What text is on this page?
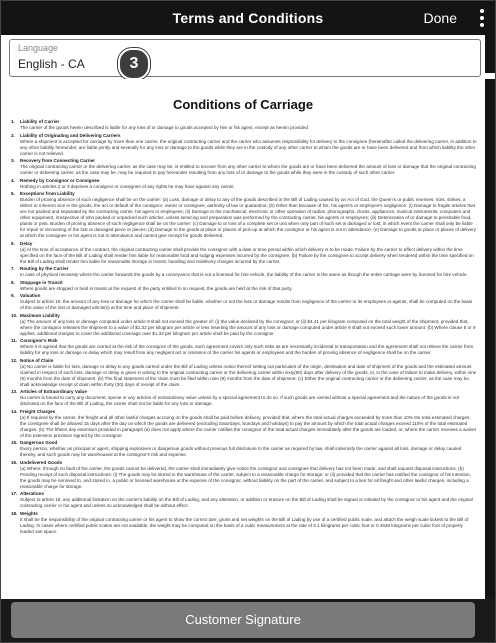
Terms and Conditions	Done
Language
English - CA	3
Conditions of Carriage
1.	Liability of Carrier
The carrier of the goods herein described is liable for any loss of or damage to goods accepted by him or his agent, except as herein provided.
2.	Liability of Originating and Delivering Carriers
Where a shipment is accepted for carriage by more than one carrier, the original contracting carrier and the carrier who assumes responsibility for delivery to the consignee (hereinafter called the delivering carrier, in addition to any other liability hereunder, are liable jointly and severally for any loss or damage to the goods while they are in the custody of any other carrier to whom the goods are or have been delivered and from which liability the other carrier is not relieved.
3.	Recovery from Connecting Carrier
The original contracting carrier or the delivering carrier, as the case may be, is entitled to recover from any other carrier to whom the goods are or have been delivered the amount of loss or damage that the original contracting carrier or delivering carrier, as the case may be, may be required to pay hereunder resulting from any loss of or damage to the goods while they were in the custody of such other carrier.
4.	Remedy by Consignor or Consignee
Nothing in articles 2 or 3 deprives a consignor or consignee of any rights he may have against any carrier.
5.	Exceptions from Liability
Burden of proving absence of such negligence shall be on the carrier: (a) Loss, damage or delay to any of the goods described in the Bill of Lading caused by an Act of God, the Queen's or public enemies, riots, strikes, a defect or inherent vice in the goods, the act or default of the consignor, owner or consignee, authority of law or quarantine; (b) Other than because of his, his agent's or employee's negligence: (i) Damage to fragile articles that are not packed and separated by the contracting carrier, his agent or employees; (ii) Damage to the mechanical, electronic or other operation of radios, phonographs, clocks, appliances, musical instruments, computers and other equipment, irrespective of who packed or unpacked such articles, unless servicing and preparation was performed by the contracting carrier, his agents or employees; (iii) Deterioration of or damage to perishable food, plants or pets. Burden of proving absence of such negligence shall be on the carrier: (c) Damage to or loss of a complete set or unit when only part of such set is damaged or lost, in which event the carrier shall only be liable for repair or recovering of the lost or damaged piece or pieces; (d) Damage to the goods at place or places of pick-up at which the consignor or his agent is not in attendance; (e) Damage to goods at place or places of delivery at which the consignee or his agent is not in attendance and cannot give receipt for goods delivered.
6.	Delay
(a) At the time of acceptance of the contract, the original contracting carrier shall provide the consignor with a date or time period within which delivery is to be made. Failure by the carrier to effect delivery within the time specified on the face of the Bill of Lading shall render him liable for reasonable food and lodging expenses incurred by the consignee. (b) Failure by the consignee to accept delivery when tendered within the time specified on the Bill of Lading shall render him liable for reasonable storage in transit, handling and redelivery charges incurred by the carrier.
7.	Routing by the Carrier
In case of physical necessity where the carrier forwards the goods by a conveyance that is not a licensed for hire vehicle, the liability of the carrier is the same as though the entire carriage were by licensed for hire vehicle.
8.	Stoppage in Transit
Where goods are stopped or held in transit at the request of the party entitled to so request, the goods are held at the risk of that party.
9.	Valuation
Subject to article 10, the amount of any loss or damage for which the carrier shall be liable, whether or not the loss or damage results from negligence of the carrier or its employees or agents, shall be computed on the basis of the value of the lost or damaged article(s) at the time and place of shipment.
10. Maximum Liability
(a) The amount of any loss or damage computed under article 9 shall not exceed the greater of: (i) the value declared by the consignor; or (ii) $4.41 per kilogram computed on the total weight of the shipment, provided that, where the consignor releases the shipment to a value of $1.32 per kilogram per article or less inserting the amount of any loss or damage computed under article 9 shall not exceed such lower amount. (b) Where clause 8 or 9 applies, additional charges to cover the additional coverage over $1.32 per kilogram per article shall be paid by the consignor.
11. Consignor's Risk
Where it is agreed that the goods are carried at the risk of the consignor of the goods, such agreement covers only such risks as are necessarily incidental to transportation and the agreement shall not relieve the carrier from liability for any loss or damage or delay which may result from any negligent act or omission of the carrier his agents or employees and the burden of proving absence of negligence shall be on the carrier.
12. Notice of Claim
(a) No carrier is liable for loss, damage or delay to any goods carried under the Bill of Lading unless notice thereof setting out particulars of the origin, destination and date of shipment of the goods and the estimated amount claimed in respect of such loss, damage or delay is given in writing to the original contracting carrier or the delivering carrier within sixty(60) days after delivery of the goods, or, in the case of failure to make delivery, within nine (9) months from the date of shipment. (b) The final statement of the claim must be filed within nine (9) months from the date of shipment. (c) Either the original contracting carrier or the delivering carrier, as the case may be, shall acknowledge receipt of claim within thirty (30) days of receipt of the claim.
13. Articles of Extraordinary Value
No carrier is bound to carry any document, specie or any articles of extraordinary value unless by a special agreement to do so. If such goods are carried without a special agreement and the nature of the goods is not disclosed on the face of the Bill of Lading, the carrier shall not be liable for any loss or damage.
14. Freight Charges
(a) If required by the carrier, the freight and all other lawful charges accruing on the goods shall be paid before delivery, provided that, where the total actual charges exceeded by more than 10% the total estimated charges, the consignee shall be allowed 15 days after the day on which the goods are delivered (excluding Saturdays, Sundays and holidays) to pay the amount by which the total actual charges exceed 110% of the total estimated charges. (b) The fifteen day extension provided in paragraph (a) does not apply where the carrier notifies the consignor of the total actual charges immediately after the goods are loaded, or, where the carrier receives a waiver of the extension provision signed by the consignor.
15. Dangerous Good
Every person, whether as principal or agent, shipping explosives or dangerous goods without previous full disclosure to the carrier as required by law, shall indemnify the carrier against all loss, damage or delay caused thereby, and such goods may be warehoused at the consignor's risk and expense.
16. Undelivered Goods
(a) Where, through no fault of the carrier, the goods cannot be delivered, the carrier shall immediately give notice the consignor and consignee that delivery has not been made, and shall request disposal instructions. (b) Pending receipt of such disposal instructions: (i) The goods may be stored in the warehouse of the carrier, subject to a reasonable charge for storage; or (ii) provided that the carrier has notified the consignor of his intention, the goods may be removed to, and stored in, a public or licensed warehouse at the expense of the consignor, without liability on the part of the carrier, and subject to a lien for all freight and other lawful charges, including a reasonable charge for storage.
17. Alterations
Subject to article 18, any additional limitation on the carrier's liability on the Bill of Lading, and any alteration, or addition or erasure on the Bill of Lading shall be signed or initialed by the consignor or his agent and the original contracting carrier or his agent and unless so acknowledged shall be without effect.
18. Weights
It shall be the responsibility of the original contracting carrier or his agent to show the correct tare, gross and net weights on the Bill of Lading by use of a certified public scale, and attach the weigh scale tickets to the Bill of Lading. In cases where certified public scales are not available, the weight may be computed on the basis of a cubic measurement at the rate of 3.1 kilograms per cubic foot or 0.4536 kilograms per cubic foot of properly loaded van space.
Customer Signature
